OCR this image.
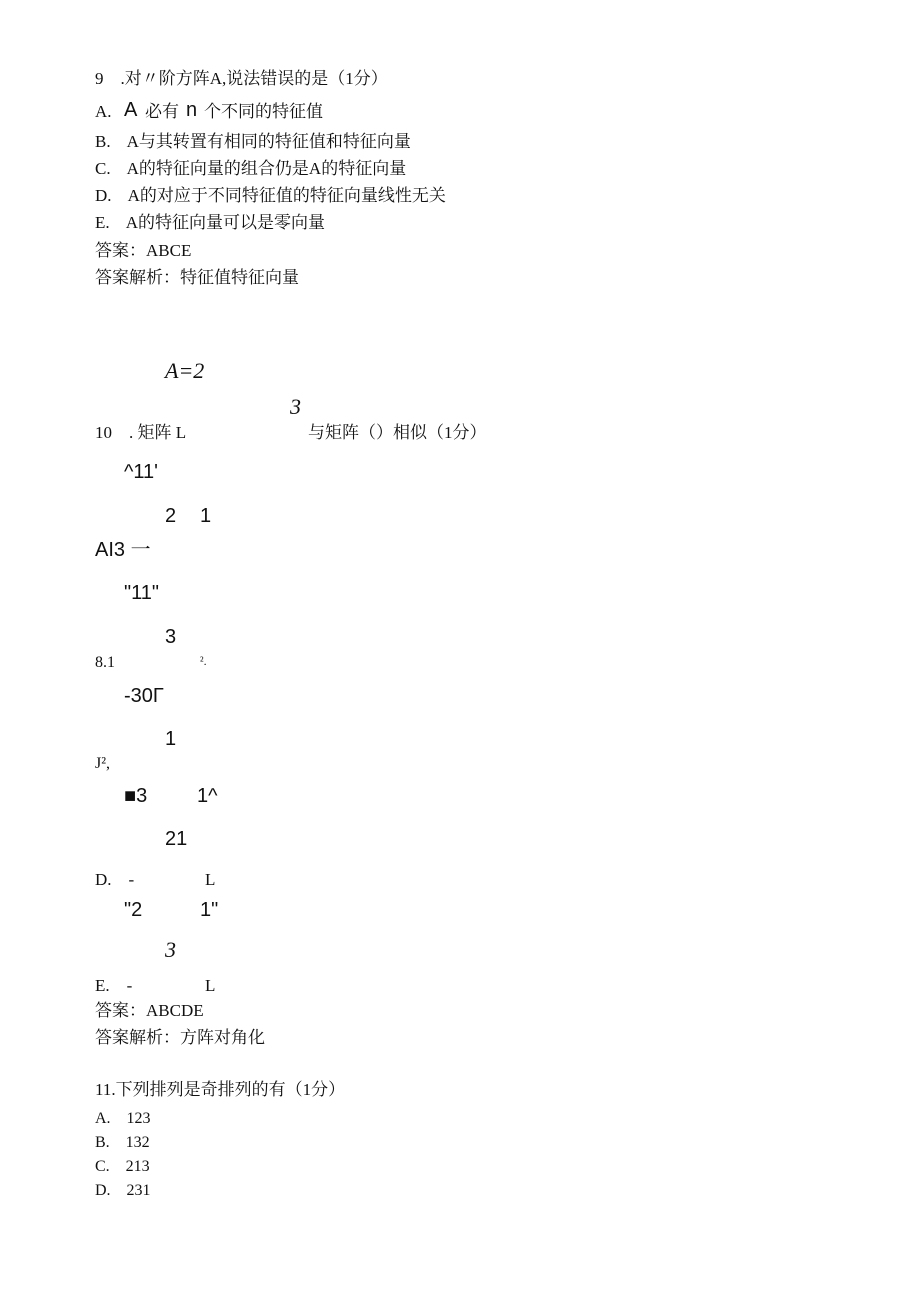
9    .对〃阶方阵A,说法错误的是（1分）
A. A 必有 n 个不同的特征值
B.    A与其转置有相同的特征值和特征向量
C.    A的特征向量的组合仍是A的特征向量
D.    A的对应于不同特征值的特征向量线性无关
E.    A的特征向量可以是零向量
答案：ABCE
答案解析：特征值特征向量
A=2
3
10    . 矩阵 L	与矩阵（）相似（1分）
^11'
2 1
AI3 一
"11"
3
8.1	².
-30Γ
1
J²,
■3 1^
21
D.    -	L
"2	1"
3
E.    -	L
答案：ABCDE
答案解析：方阵对角化
11.下列排列是奇排列的有（1分）
A.    123
B.    132
C.    213
D.    231
